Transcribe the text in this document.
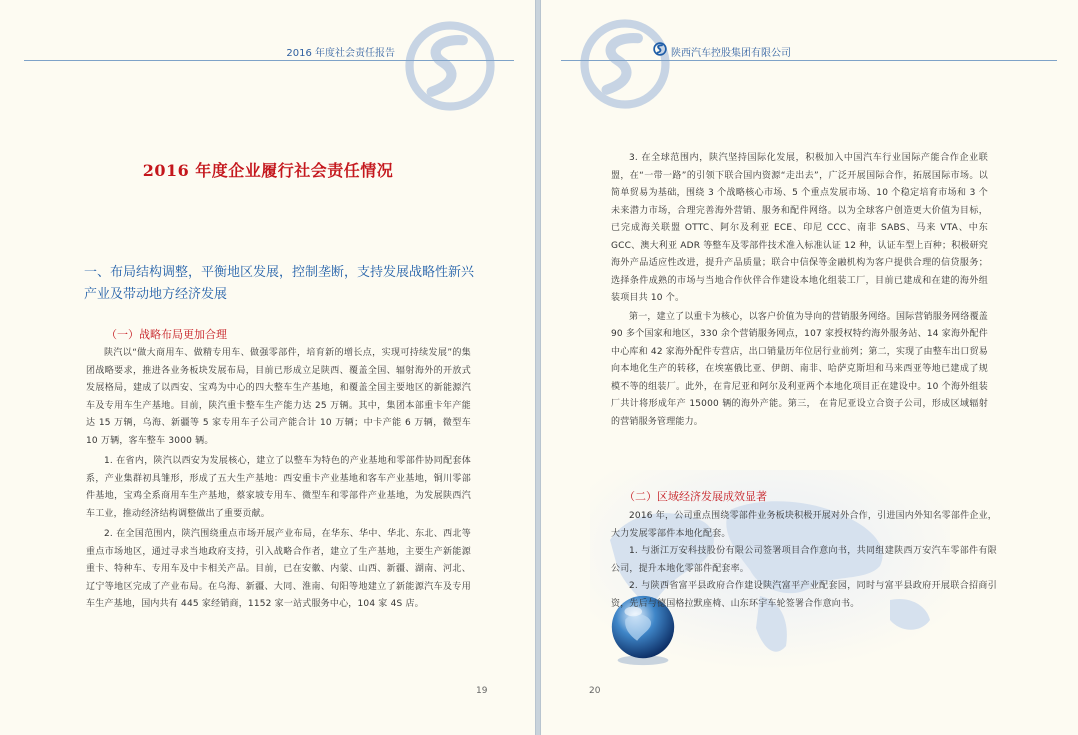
2016 年度社会责任报告
2016 年度企业履行社会责任情况
一、布局结构调整，平衡地区发展，控制垄断，支持发展战略性新兴产业及带动地方经济发展
（一）战略布局更加合理

陕汽以“做大商用车、做精专用车、做强零部件，培育新的增长点，实现可持续发展”的集团战略要求，推进各业务板块发展布局，目前已形成立足陕西、覆盖全国、辐射海外的开放式发展格局，建成了以西安、宝鸡为中心的四大整车生产基地，和覆盖全国主要地区的新能源汽车及专用车生产基地。目前，陕汽重卡整车生产能力达 25 万辆。其中，集团本部重卡年产能达 15 万辆，乌海、新疆等 5 家专用车子公司产能合计 10 万辆；中卡产能 6 万辆，微型车 10 万辆，客车整车 3000 辆。

1. 在省内，陕汽以西安为发展核心，建立了以整车为特色的产业基地和零部件协同配套体系，产业集群初具雏形，形成了五大生产基地：西安重卡产业基地和客车产业基地，铜川零部件基地，宝鸡全系商用车生产基地，蔡家坡专用车、微型车和零部件产业基地，为发展陕西汽车工业，推动经济结构调整做出了重要贡献。

2. 在全国范围内，陕汽围绕重点市场开展产业布局，在华东、华中、华北、东北、西北等重点市场地区，通过寻求当地政府支持，引入战略合作者，建立了生产基地，主要生产新能源重卡、特种车、专用车及中卡相关产品。目前，已在安徽、内蒙、山西、新疆、湖南、河北、辽宁等地区完成了产业布局。在乌海、新疆、大同、淮南、旬阳等地建立了新能源汽车及专用车生产基地，国内共有 445 家经销商，1152 家一站式服务中心，104 家 4S 店。

19
陕西汽车控股集团有限公司
20

3. 在全球范围内，陕汽坚持国际化发展，积极加入中国汽车行业国际产能合作企业联盟，在“一带一路”的引领下联合国内资源“走出去”，广泛开展国际合作，拓展国际市场。以简单贸易为基础，围绕 3 个战略核心市场、5 个重点发展市场、10 个稳定培育市场和 3 个未来潜力市场，合理完善海外营销、服务和配件网络。以为全球客户创造更大价值为目标，已完成海关联盟 OTTC、阿尔及利亚 ECE、印尼 CCC、南非 SABS、马来 VTA、中东 GCC、澳大利亚 ADR 等整车及零部件技术准入标准认证 12 种，认证车型上百种；积极研究海外产品适应性改进，提升产品质量；联合中信保等金融机构为客户提供合理的信贷服务；选择条件成熟的市场与当地合作伙伴合作建设本地化组装工厂，目前已建成和在建的海外组装项目共 10 个。

第一，建立了以重卡为核心，以客户价值为导向的营销服务网络。国际营销服务网络覆盖 90 多个国家和地区，330 余个营销服务网点，107 家授权特约海外服务站、14 家海外配件中心库和 42 家海外配件专营店，出口销量历年位居行业前列；第二，实现了由整车出口贸易向本地化生产的转移，在埃塞俄比亚、伊朗、南非、哈萨克斯坦和马来西亚等地已建成了规模不等的组装厂。此外，在肯尼亚和阿尔及利亚两个本地化项目正在建设中。10 个海外组装厂共计将形成年产 15000 辆的海外产能。第三， 在肯尼亚设立合资子公司，形成区域辐射的营销服务管理能力。

（二）区域经济发展成效显著

2016 年，公司重点围绕零部件业务板块积极开展对外合作，引进国内外知名零部件企业，大力发展零部件本地化配套。

1. 与浙江万安科技股份有限公司签署项目合作意向书，共同组建陕西万安汽车零部件有限公司，提升本地化零部件配套率。

2. 与陕西省富平县政府合作建设陕汽富平产业配套园，同时与富平县政府开展联合招商引资，先后与德国格拉默座椅、山东环宇车轮签署合作意向书。
